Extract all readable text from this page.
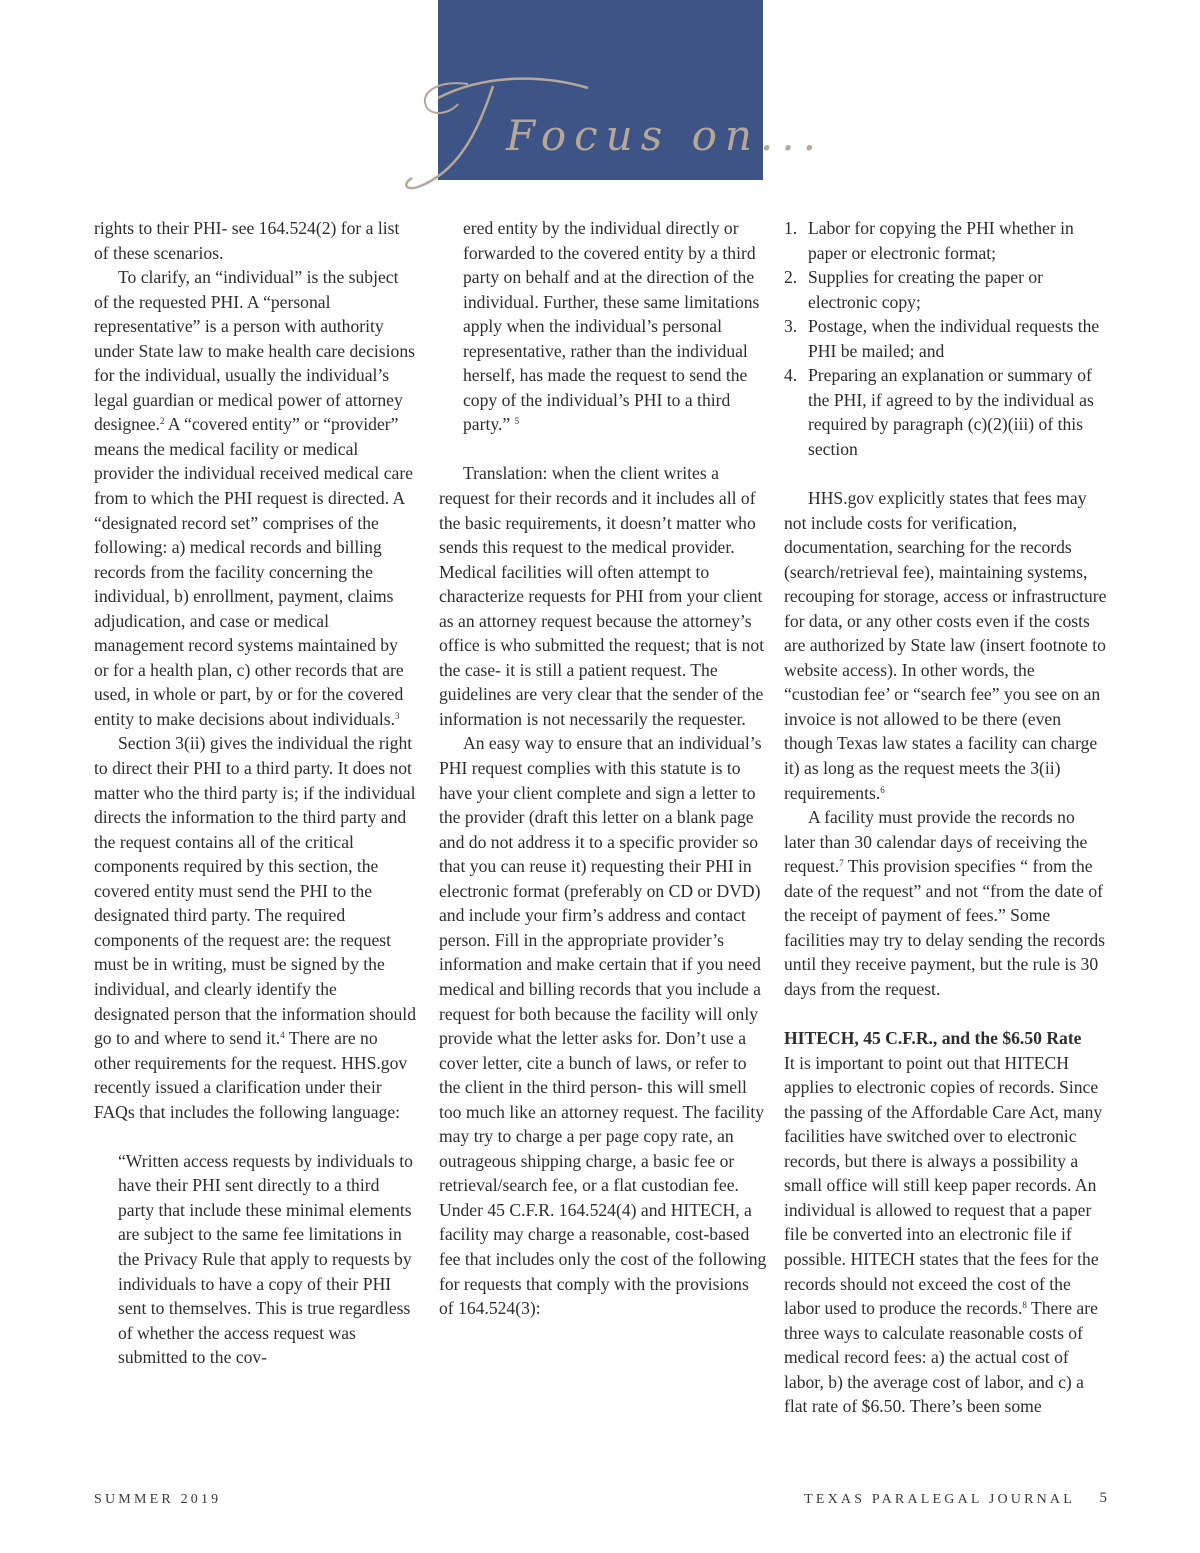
Focus on...

rights to their PHI- see 164.524(2) for a list of these scenarios.

To clarify, an “individual” is the subject of the requested PHI. A “personal representative” is a person with authority under State law to make health care decisions for the individual, usually the individual’s legal guardian or medical power of attorney designee.$^2$ A “covered entity” or “provider” means the medical facility or medical provider the individual received medical care from to which the PHI request is directed. A “designated record set” comprises of the following: a) medical records and billing records from the facility concerning the individual, b) enrollment, payment, claims adjudication, and case or medical management record systems maintained by or for a health plan, c) other records that are used, in whole or part, by or for the covered entity to make decisions about individuals.$^3$

Section 3(ii) gives the individual the right to direct their PHI to a third party. It does not matter who the third party is; if the individual directs the information to the third party and the request contains all of the critical components required by this section, the covered entity must send the PHI to the designated third party. The required components of the request are: the request must be in writing, must be signed by the individual, and clearly identify the designated person that the information should go to and where to send it.$^4$ There are no other requirements for the request. HHS.gov recently issued a clarification under their FAQs that includes the following language:

“Written access requests by individuals to have their PHI sent directly to a third party that include these minimal elements are subject to the same fee limitations in the Privacy Rule that apply to requests by individuals to have a copy of their PHI sent to themselves. This is true regardless of whether the access request was submitted to the cov-

ered entity by the individual directly or forwarded to the covered entity by a third party on behalf and at the direction of the individual. Further, these same limitations apply when the individual’s personal representative, rather than the individual herself, has made the request to send the copy of the individual’s PHI to a third party.” $^5$

Translation: when the client writes a request for their records and it includes all of the basic requirements, it doesn’t matter who sends this request to the medical provider. Medical facilities will often attempt to characterize requests for PHI from your client as an attorney request because the attorney’s office is who submitted the request; that is not the case- it is still a patient request. The guidelines are very clear that the sender of the information is not necessarily the requester.

An easy way to ensure that an individual’s PHI request complies with this statute is to have your client complete and sign a letter to the provider (draft this letter on a blank page and do not address it to a specific provider so that you can reuse it) requesting their PHI in electronic format (preferably on CD or DVD) and include your firm’s address and contact person. Fill in the appropriate provider’s information and make certain that if you need medical and billing records that you include a request for both because the facility will only provide what the letter asks for. Don’t use a cover letter, cite a bunch of laws, or refer to the client in the third person- this will smell too much like an attorney request. The facility may try to charge a per page copy rate, an outrageous shipping charge, a basic fee or retrieval/search fee, or a flat custodian fee. Under 45 C.F.R. 164.524(4) and HITECH, a facility may charge a reasonable, cost-based fee that includes only the cost of the following for requests that comply with the provisions of 164.524(3):

1. Labor for copying the PHI whether in paper or electronic format;
2. Supplies for creating the paper or electronic copy;
3. Postage, when the individual requests the PHI be mailed; and
4. Preparing an explanation or summary of the PHI, if agreed to by the individual as required by paragraph (c)(2)(iii) of this section

HHS.gov explicitly states that fees may not include costs for verification, documentation, searching for the records (search/retrieval fee), maintaining systems, recouping for storage, access or infrastructure for data, or any other costs even if the costs are authorized by State law (insert footnote to website access). In other words, the “custodian fee’ or “search fee” you see on an invoice is not allowed to be there (even though Texas law states a facility can charge it) as long as the request meets the 3(ii) requirements.$^6$

A facility must provide the records no later than 30 calendar days of receiving the request.$^7$ This provision specifies “ from the date of the request” and not “from the date of the receipt of payment of fees.” Some facilities may try to delay sending the records until they receive payment, but the rule is 30 days from the request.

HITECH, 45 C.F.R., and the $6.50 Rate

It is important to point out that HITECH applies to electronic copies of records. Since the passing of the Affordable Care Act, many facilities have switched over to electronic records, but there is always a possibility a small office will still keep paper records. An individual is allowed to request that a paper file be converted into an electronic file if possible. HITECH states that the fees for the records should not exceed the cost of the labor used to produce the records.$^8$ There are three ways to calculate reasonable costs of medical record fees: a) the actual cost of labor, b) the average cost of labor, and c) a flat rate of $6.50. There’s been some

SUMMER 2019	TEXAS PARALEGAL JOURNAL 5
